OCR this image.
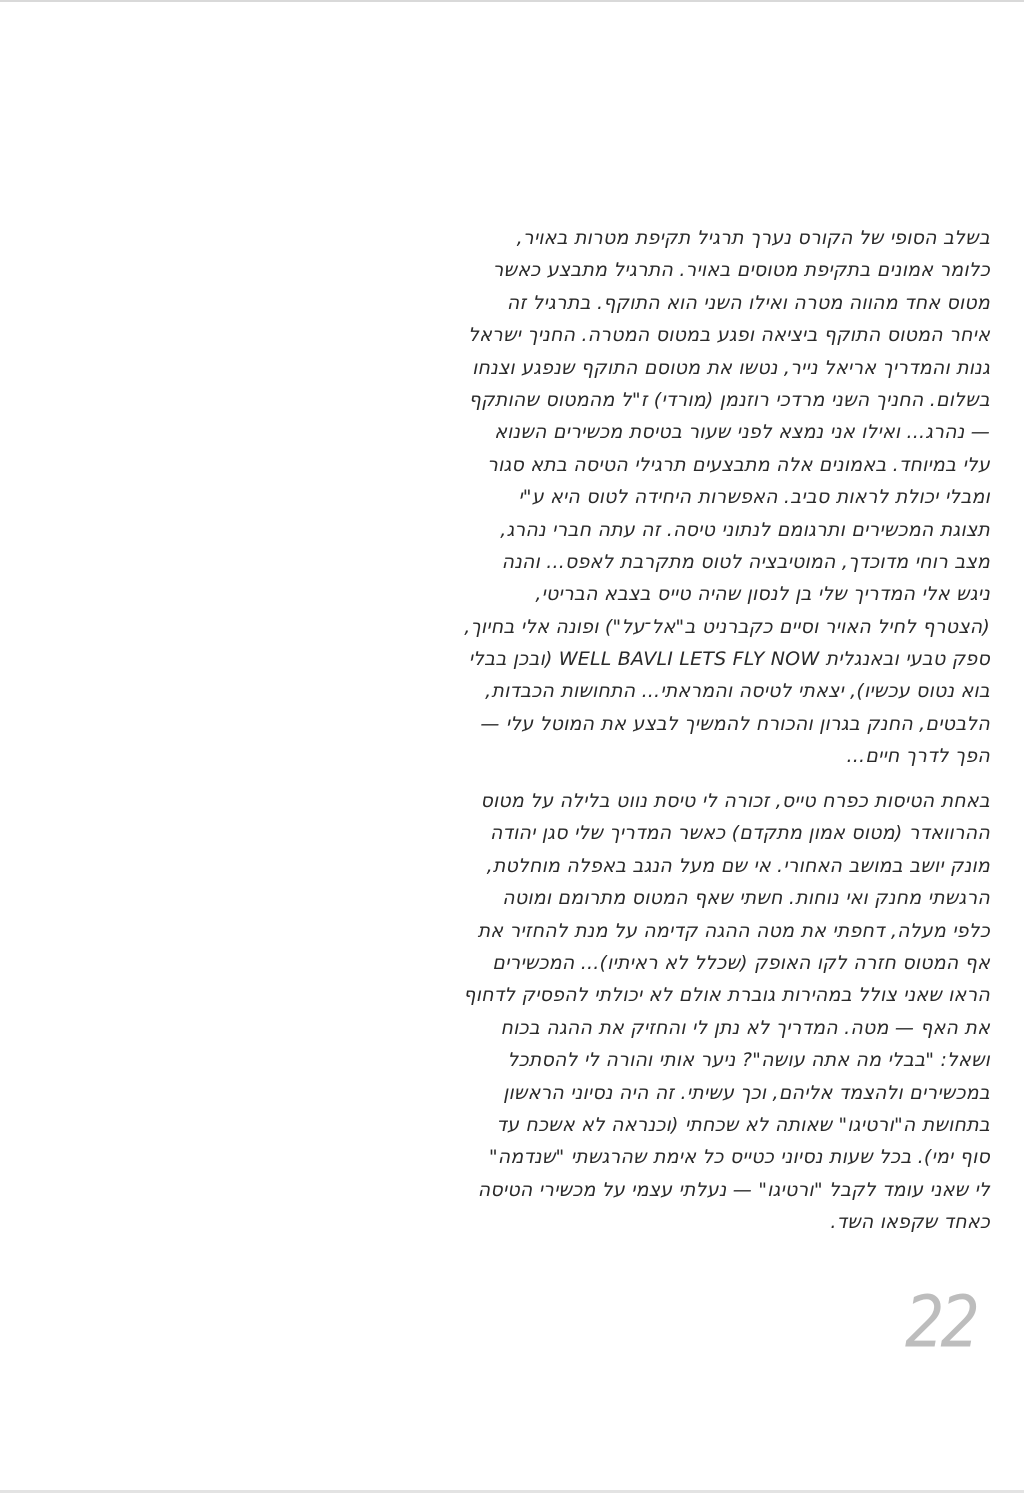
בשלב הסופי של הקורס נערך תרגיל תקיפת מטרות באויר,
כלומר אמונים בתקיפת מטוסים באויר. התרגיל מתבצע כאשר
מטוס אחד מהווה מטרה ואילו השני הוא התוקף. בתרגיל זה
איחר המטוס התוקף ביציאה ופגע במטוס המטרה. החניך ישראל
גנות והמדריך אריאל נייר, נטשו את מטוסם התוקף שנפגע וצנחו
בשלום. החניך השני מרדכי רוזנמן (מורדי) ז"ל מהמטוס שהותקף
— נהרג... ואילו אני נמצא לפני שעור בטיסת מכשירים השנוא
עלי במיוחד. באמונים אלה מתבצעים תרגילי הטיסה בתא סגור
ומבלי יכולת לראות סביב. האפשרות היחידה לטוס היא ע"י
תצוגת המכשירים ותרגומם לנתוני טיסה. זה עתה חברי נהרג,
מצב רוחי מדוכדך, המוטיבציה לטוס מתקרבת לאפס... והנה
ניגש אלי המדריך שלי בן לנסון שהיה טייס בצבא הבריטי,
(הצטרף לחיל האויר וסיים כקברניט ב"אל־על") ופונה אלי בחיוך,
ספק טבעי ובאנגלית WELL BAVLI LETS FLY NOW (ובכן בבלי
בוא נטוס עכשיו), יצאתי לטיסה והמראתי... התחושות הכבדות,
הלבטים, החנק בגרון והכורח להמשיך לבצע את המוטל עלי —
הפך לדרך חיים...
באחת הטיסות כפרח טייס, זכורה לי טיסת נווט בלילה על מטוס
ההרוואדר (מטוס אמון מתקדם) כאשר המדריך שלי סגן יהודה
מונק יושב במושב האחורי. אי שם מעל הנגב באפלה מוחלטת,
הרגשתי מחנק ואי נוחות. חשתי שאף המטוס מתרומם ומוטה
כלפי מעלה, דחפתי את מטה ההגה קדימה על מנת להחזיר את
אף המטוס חזרה לקו האופק (שכלל לא ראיתיו)... המכשירים
הראו שאני צולל במהירות גוברת אולם לא יכולתי להפסיק לדחוף
את האף — מטה. המדריך לא נתן לי והחזיק את ההגה בכוח
ושאל: "בבלי מה אתה עושה"? ניער אותי והורה לי להסתכל
במכשירים ולהצמד אליהם, וכך עשיתי. זה היה נסיוני הראשון
בתחושת ה"ורטיגו" שאותה לא שכחתי (וכנראה לא אשכח עד
סוף ימי). בכל שעות נסיוני כטייס כל אימת שהרגשתי "שנדמה"
לי שאני עומד לקבל "ורטיגו" — נעלתי עצמי על מכשירי הטיסה
כאחד שקפאו השד.
22
